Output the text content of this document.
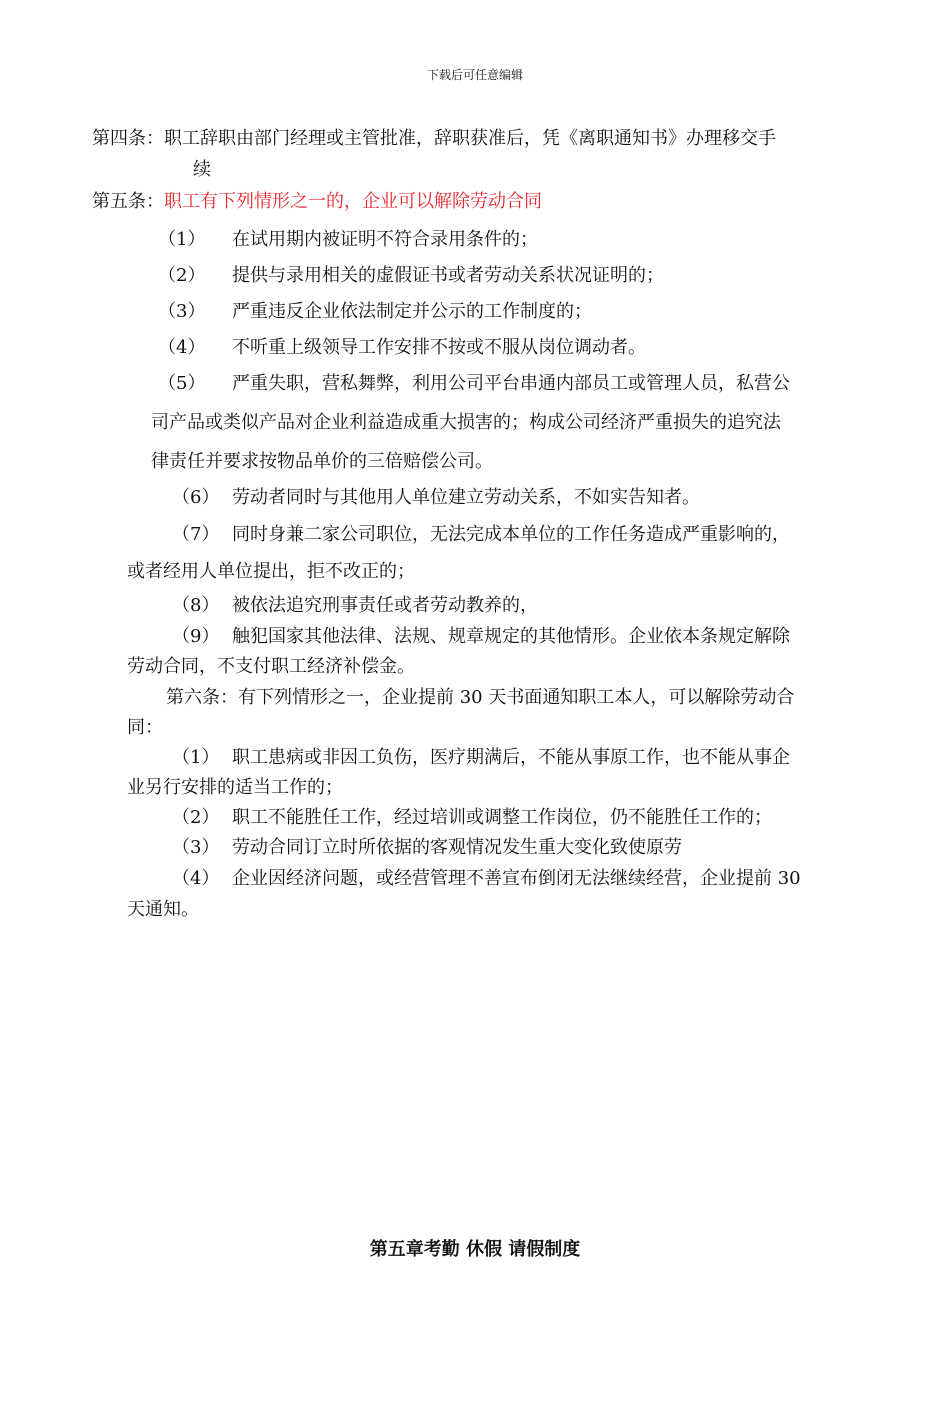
下载后可任意编辑
第四条：职工辞职由部门经理或主管批准，辞职获准后，凭《离职通知书》办理移交手
续
第五条：职工有下列情形之一的，企业可以解除劳动合同
（1） 在试用期内被证明不符合录用条件的；
（2） 提供与录用相关的虚假证书或者劳动关系状况证明的；
（3） 严重违反企业依法制定并公示的工作制度的；
（4） 不听重上级领导工作安排不按或不服从岗位调动者。
（5） 严重失职，营私舞弊，利用公司平台串通内部员工或管理人员，私营公
司产品或类似产品对企业利益造成重大损害的；构成公司经济严重损失的追究法
律责任并要求按物品单价的三倍赔偿公司。
（6） 劳动者同时与其他用人单位建立劳动关系，不如实告知者。
（7） 同时身兼二家公司职位，无法完成本单位的工作任务造成严重影响的，
或者经用人单位提出，拒不改正的；
（8） 被依法追究刑事责任或者劳动教养的，
（9） 触犯国家其他法律、法规、规章规定的其他情形。企业依本条规定解除
劳动合同，不支付职工经济补偿金。
第六条：有下列情形之一，企业提前 30 天书面通知职工本人，可以解除劳动合
同：
（1） 职工患病或非因工负伤，医疗期满后，不能从事原工作，也不能从事企
业另行安排的适当工作的；
（2） 职工不能胜任工作，经过培训或调整工作岗位，仍不能胜任工作的；
（3） 劳动合同订立时所依据的客观情况发生重大变化致使原劳
（4） 企业因经济问题，或经营管理不善宣布倒闭无法继续经营，企业提前 30
天通知。
第五章考勤 休假 请假制度
